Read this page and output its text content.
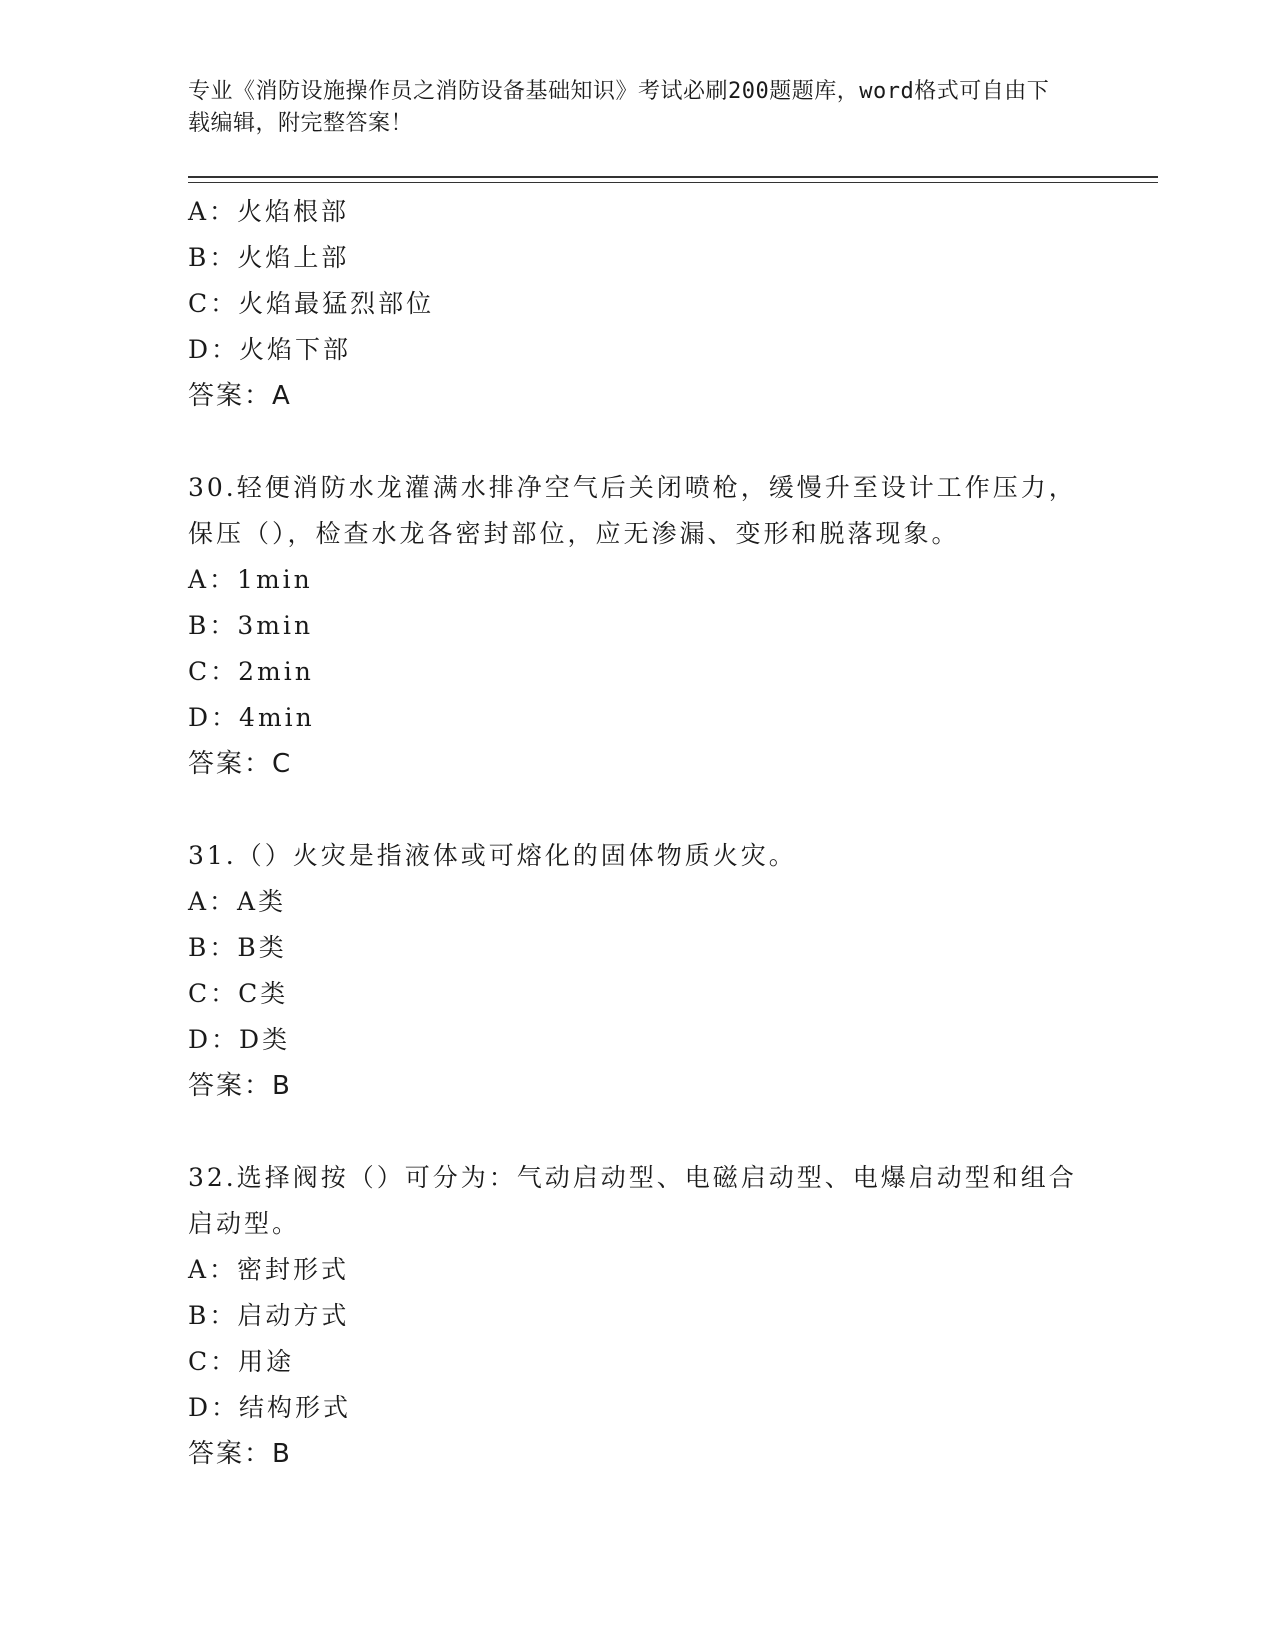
专业《消防设施操作员之消防设备基础知识》考试必刷200题题库，word格式可自由下载编辑，附完整答案！
A：火焰根部
B：火焰上部
C：火焰最猛烈部位
D：火焰下部
答案：A
30.轻便消防水龙灌满水排净空气后关闭喷枪，缓慢升至设计工作压力，保压（），检查水龙各密封部位，应无渗漏、变形和脱落现象。
A：1min
B：3min
C：2min
D：4min
答案：C
31.（）火灾是指液体或可熔化的固体物质火灾。
A：A类
B：B类
C：C类
D：D类
答案：B
32.选择阀按（）可分为：气动启动型、电磁启动型、电爆启动型和组合启动型。
A：密封形式
B：启动方式
C：用途
D：结构形式
答案：B
